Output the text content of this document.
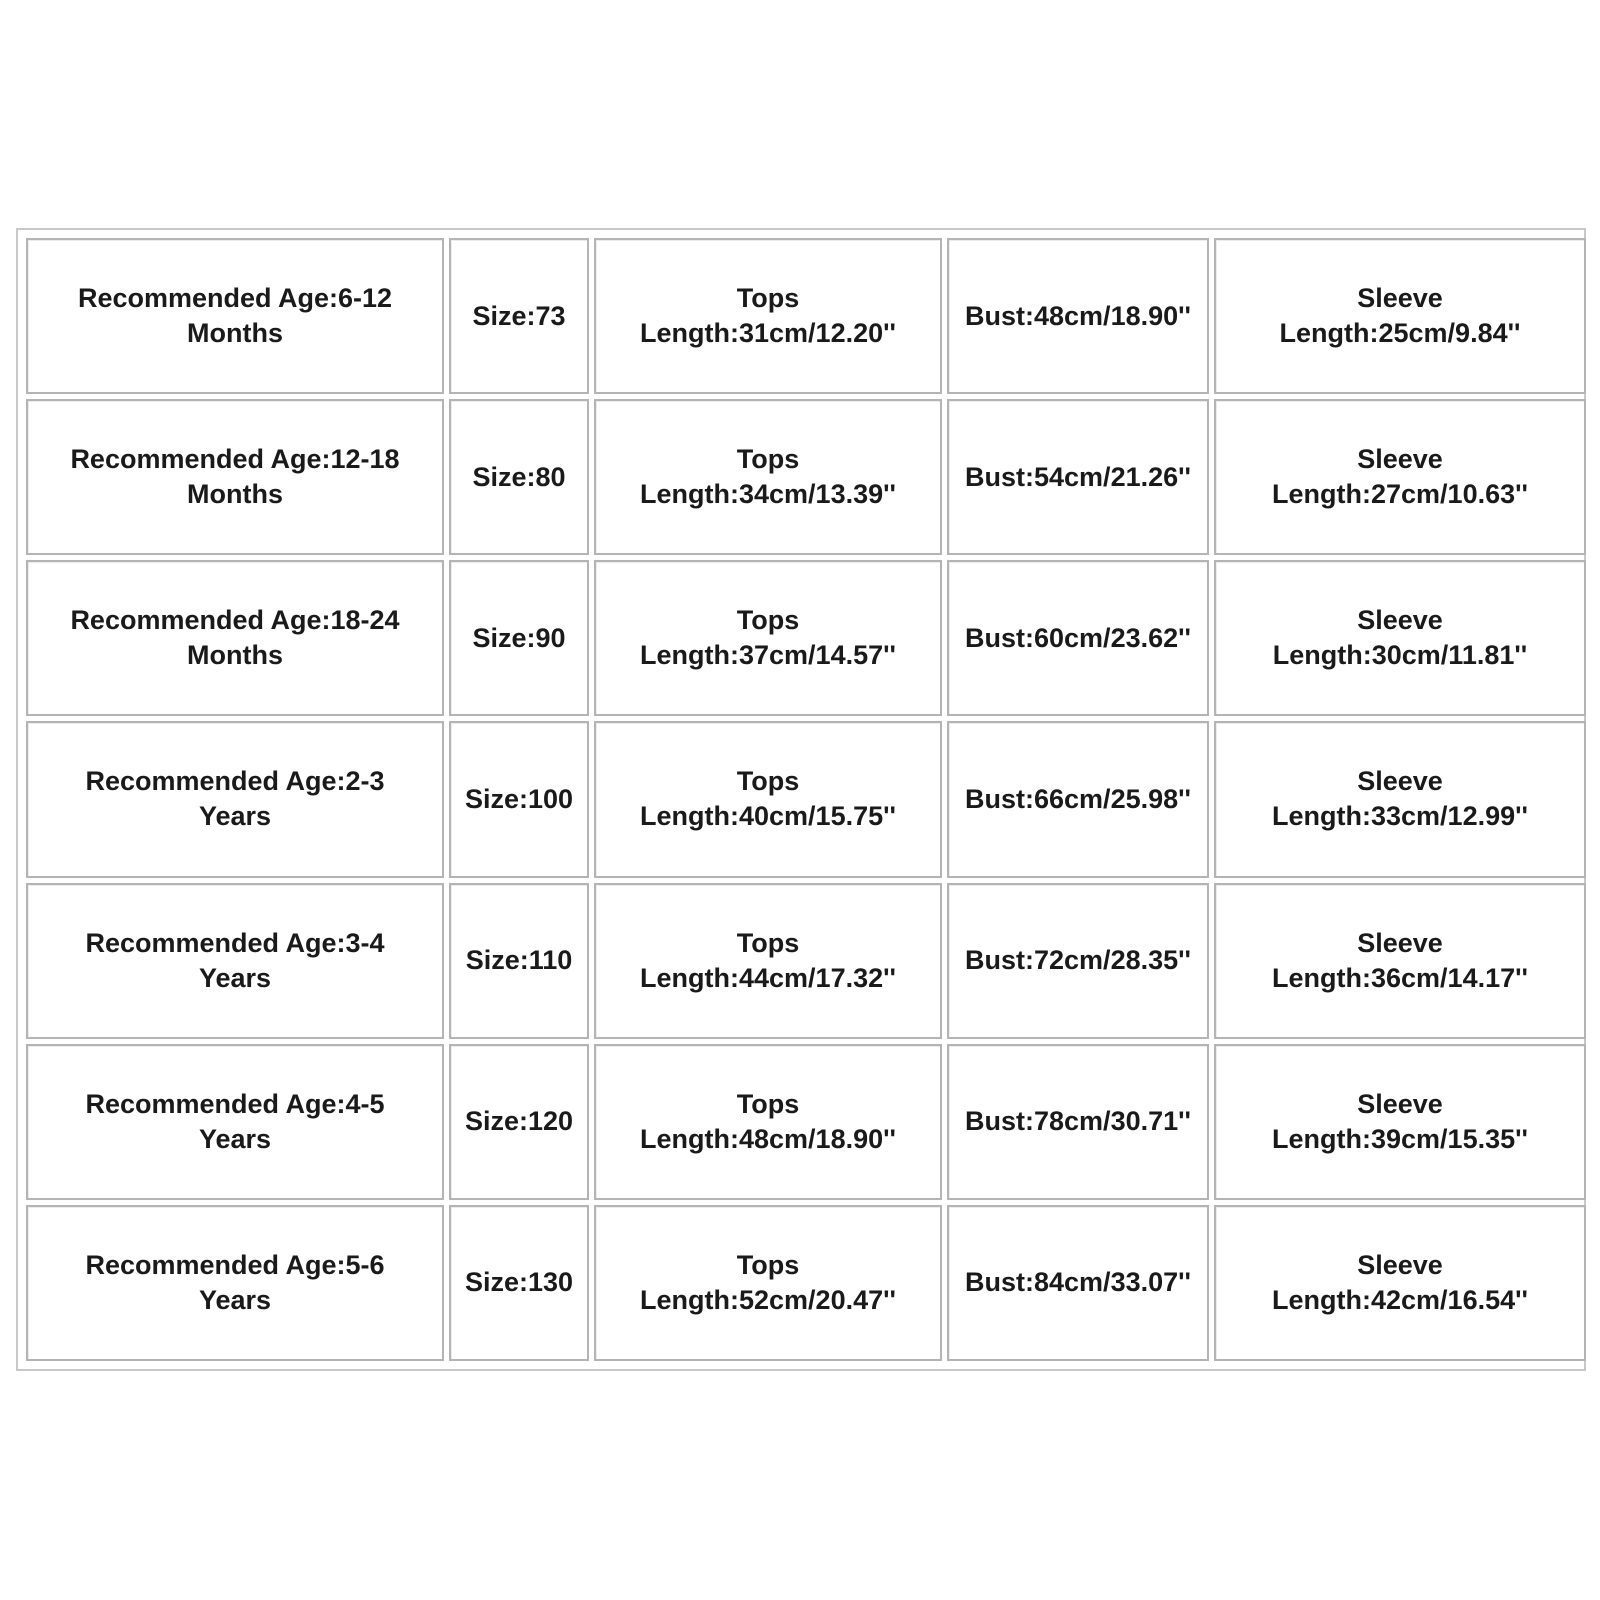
Recommended Age:6-12
Months	Size:73	Tops
Length:31cm/12.20''	Bust:48cm/18.90''	Sleeve
Length:25cm/9.84''

Recommended Age:12-18
Months	Size:80	Tops
Length:34cm/13.39''	Bust:54cm/21.26''	Sleeve
Length:27cm/10.63''

Recommended Age:18-24
Months	Size:90	Tops
Length:37cm/14.57''	Bust:60cm/23.62''	Sleeve
Length:30cm/11.81''

Recommended Age:2-3
Years	Size:100	Tops
Length:40cm/15.75''	Bust:66cm/25.98''	Sleeve
Length:33cm/12.99''

Recommended Age:3-4
Years	Size:110	Tops
Length:44cm/17.32''	Bust:72cm/28.35''	Sleeve
Length:36cm/14.17''

Recommended Age:4-5
Years	Size:120	Tops
Length:48cm/18.90''	Bust:78cm/30.71''	Sleeve
Length:39cm/15.35''

Recommended Age:5-6
Years	Size:130	Tops
Length:52cm/20.47''	Bust:84cm/33.07''	Sleeve
Length:42cm/16.54''
